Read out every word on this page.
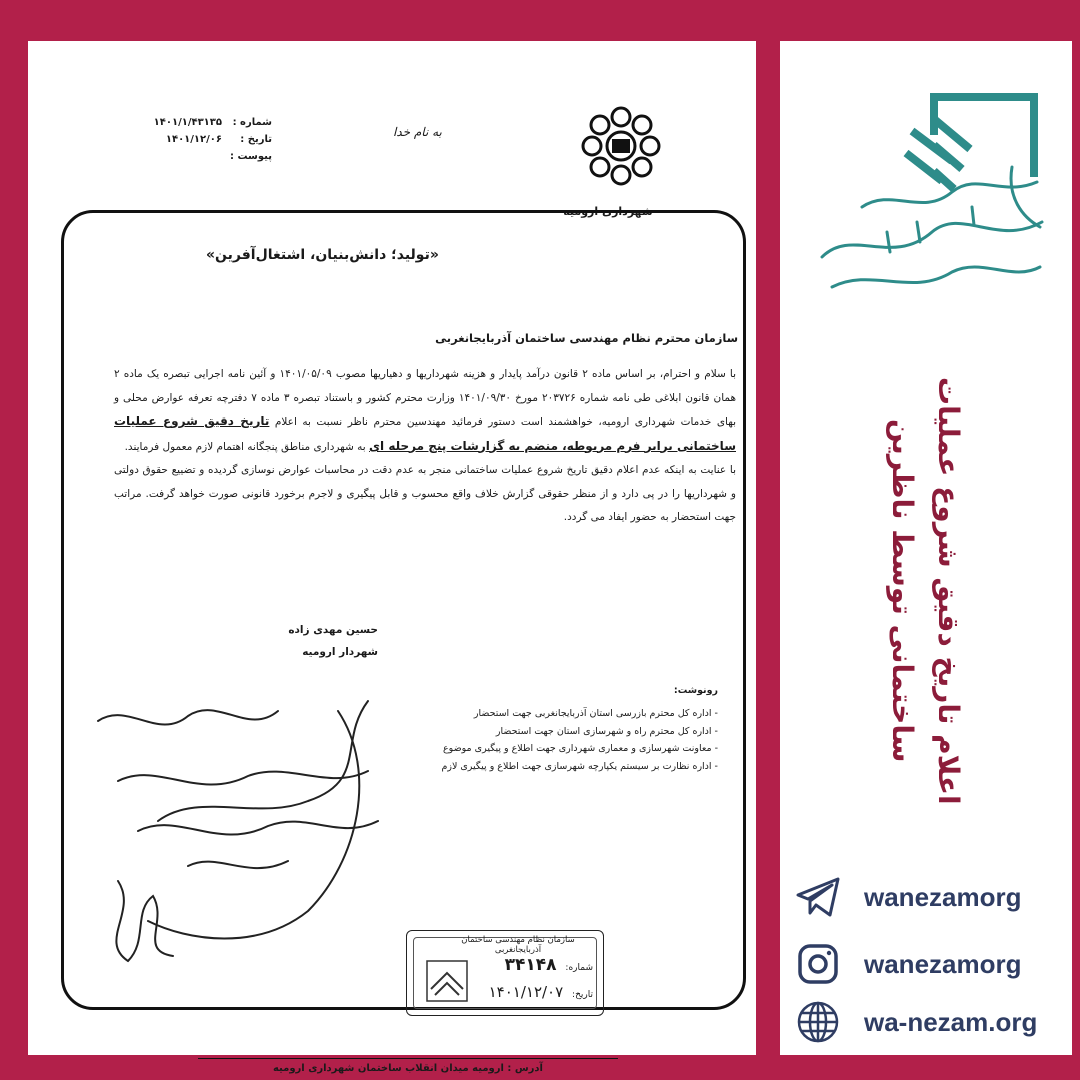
شهرداری ارومیه
به نام خدا
شماره :
۱۴۰۱/۱/۴۳۱۳۵
تاریخ :
۱۴۰۱/۱۲/۰۶
پیوست :
«تولید؛ دانش‌بنیان، اشتغال‌آفرین»
سازمان محترم نظام مهندسی ساختمان آذربایجانغربی

با سلام و احترام، بر اساس ماده ۲ قانون درآمد پایدار و هزینه شهرداریها و دهیاریها مصوب ۱۴۰۱/۰۵/۰۹ و آئین نامه اجرایی تبصره یک ماده ۲ همان قانون ابلاغی طی نامه شماره ۲۰۳۷۲۶ مورخ ۱۴۰۱/۰۹/۳۰ وزارت محترم کشور و باستناد تبصره ۳ ماده ۷ دفترچه تعرفه عوارض محلی و بهای خدمات شهرداری ارومیه، خواهشمند است دستور فرمائید مهندسین محترم ناظر نسبت به اعلام تاریخ دقیق شروع عملیات ساختمانی برابر فرم مربوطه، منضم به گزارشات پنج مرحله ای به شهرداری مناطق پنجگانه اهتمام لازم معمول فرمایند.

با عنایت به اینکه عدم اعلام دقیق تاریخ شروع عملیات ساختمانی منجر به عدم دقت در محاسبات عوارض نوسازی گردیده و تضییع حقوق دولتی و شهرداریها را در پی دارد و از منظر حقوقی گزارش خلاف واقع محسوب و قابل پیگیری و لاجرم برخورد قانونی صورت خواهد گرفت. مراتب جهت استحضار به حضور ایفاد می گردد.

حسین مهدی زاده
شهردار ارومیه
رونوشت:
- اداره کل محترم بازرسی استان آذربایجانغربی جهت استحضار
- اداره کل محترم راه و شهرسازی استان جهت استحضار
- معاونت شهرسازی و معماری شهرداری جهت اطلاع و پیگیری موضوع
- اداره نظارت بر سیستم یکپارچه شهرسازی جهت اطلاع و پیگیری لازم
سازمان نظام مهندسی ساختمان آذربایجانغربی
شماره: ۳۴۱۴۸
تاریخ: ۱۴۰۱/۱۲/۰۷
آدرس : ارومیه میدان انقلاب ساختمان شهرداری ارومیه
اعلام تاریخ دقیق شروع عملیات
ساختمانی توسط ناظرین
wanezamorg
wanezamorg
wa-nezam.org
